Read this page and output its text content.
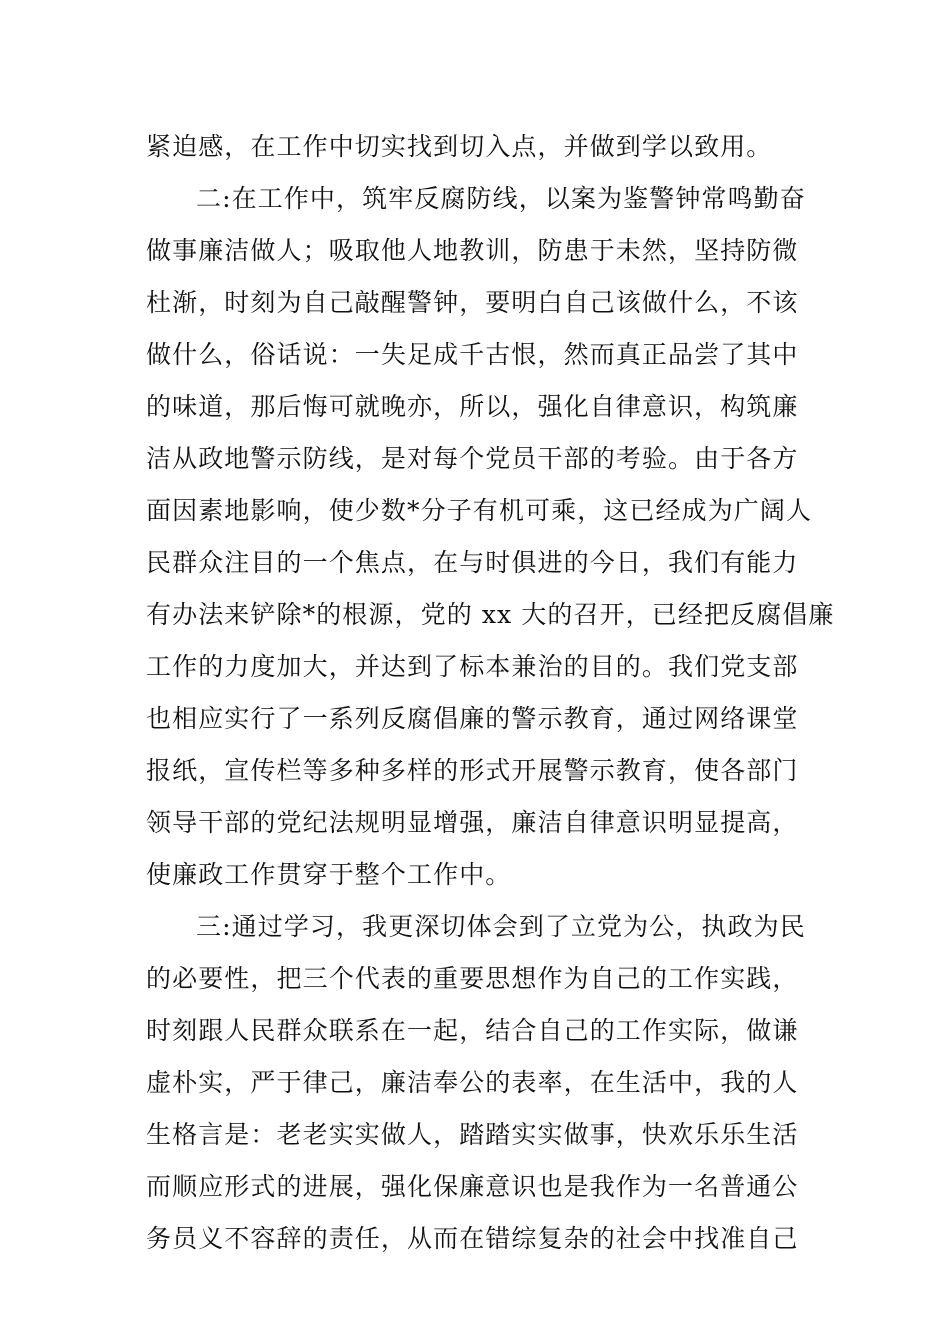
紧迫感，在工作中切实找到切入点，并做到学以致用。
二:在工作中，筑牢反腐防线，以案为鉴警钟常鸣勤奋
做事廉洁做人；吸取他人地教训，防患于未然，坚持防微
杜渐，时刻为自己敲醒警钟，要明白自己该做什么，不该
做什么，俗话说：一失足成千古恨，然而真正品尝了其中
的味道，那后悔可就晚亦，所以，强化自律意识，构筑廉
洁从政地警示防线，是对每个党员干部的考验。由于各方
面因素地影响，使少数*分子有机可乘，这已经成为广阔人
民群众注目的一个焦点，在与时俱进的今日，我们有能力
有办法来铲除*的根源，党的 xx 大的召开，已经把反腐倡廉
工作的力度加大，并达到了标本兼治的目的。我们党支部
也相应实行了一系列反腐倡廉的警示教育，通过网络课堂
报纸，宣传栏等多种多样的形式开展警示教育，使各部门
领导干部的党纪法规明显增强，廉洁自律意识明显提高，
使廉政工作贯穿于整个工作中。
三:通过学习，我更深切体会到了立党为公，执政为民
的必要性，把三个代表的重要思想作为自己的工作实践，
时刻跟人民群众联系在一起，结合自己的工作实际，做谦
虚朴实，严于律己，廉洁奉公的表率，在生活中，我的人
生格言是：老老实实做人，踏踏实实做事，快欢乐乐生活
而顺应形式的进展，强化保廉意识也是我作为一名普通公
务员义不容辞的责任，从而在错综复杂的社会中找准自己
